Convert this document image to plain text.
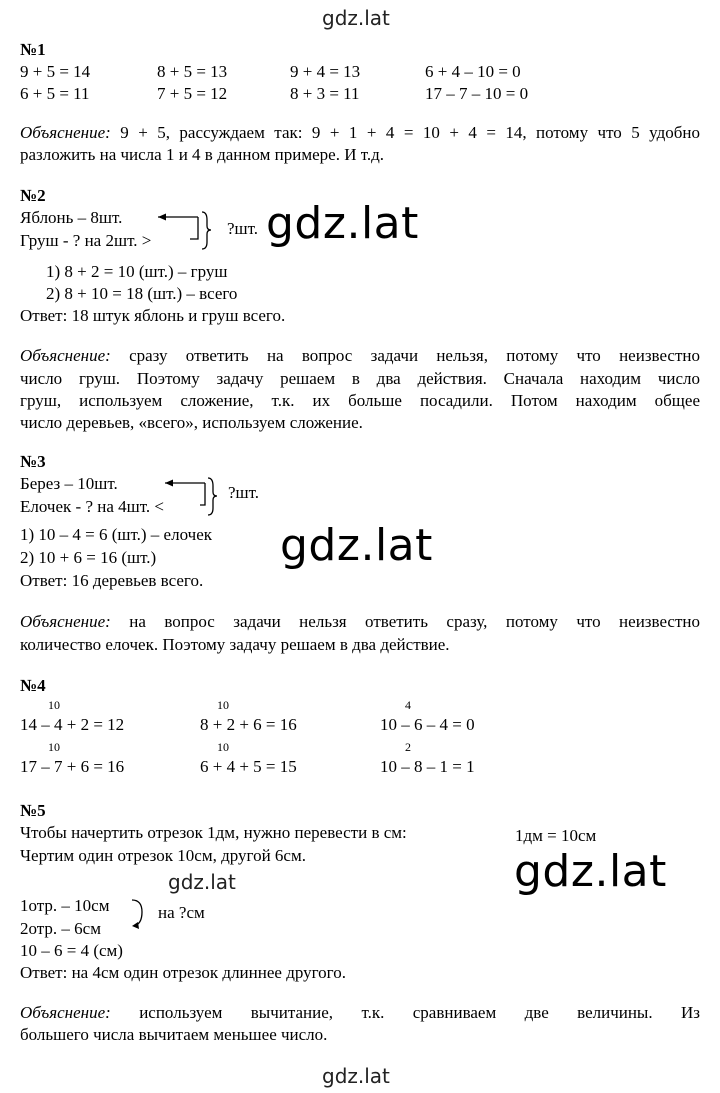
gdz.lat
№1
9 + 5 = 14	8 + 5 = 13	9 + 4 = 13	6 + 4 – 10 = 0
6 + 5 = 11	7 + 5 = 12	8 + 3 = 11	17 – 7 – 10 = 0
Объяснение: 9 + 5, рассуждаем так: 9 + 1 + 4 = 10 + 4 = 14, потому что 5 удобно
разложить на числа 1 и 4 в данном примере. И т.д.
№2
Яблонь – 8шт.
Груш - ? на 2шт. >
?шт. gdz.lat
1) 8 + 2 = 10 (шт.) – груш
2) 8 + 10 = 18 (шт.) – всего
Ответ: 18 штук яблонь и груш всего.
Объяснение: сразу ответить на вопрос задачи нельзя, потому что неизвестно
число груш. Поэтому задачу решаем в два действия. Сначала находим число
груш, используем сложение, т.к. их больше посадили. Потом находим общее
число деревьев, «всего», используем сложение.
№3
Берез – 10шт.
Елочек - ? на 4шт. <
?шт.
1) 10 – 4 = 6 (шт.) – елочек
2) 10 + 6 = 16 (шт.)	gdz.lat
Ответ: 16 деревьев всего.
Объяснение: на вопрос задачи нельзя ответить сразу, потому что неизвестно
количество елочек. Поэтому задачу решаем в два действие.
№4
10	10	4
14 – 4 + 2 = 12	8 + 2 + 6 = 16	10 – 6 – 4 = 0
10	10	2
17 – 7 + 6 = 16	6 + 4 + 5 = 15	10 – 8 – 1 = 1
№5
Чтобы начертить отрезок 1дм, нужно перевести в см:	1дм = 10см
Чертим один отрезок 10см, другой 6см.	gdz.lat
gdz.lat
1отр. – 10см
2отр. – 6см
на ?см
10 – 6 = 4 (см)
Ответ: на 4см один отрезок длиннее другого.
Объяснение: используем вычитание, т.к. сравниваем две величины. Из
большего числа вычитаем меньшее число.
gdz.lat
